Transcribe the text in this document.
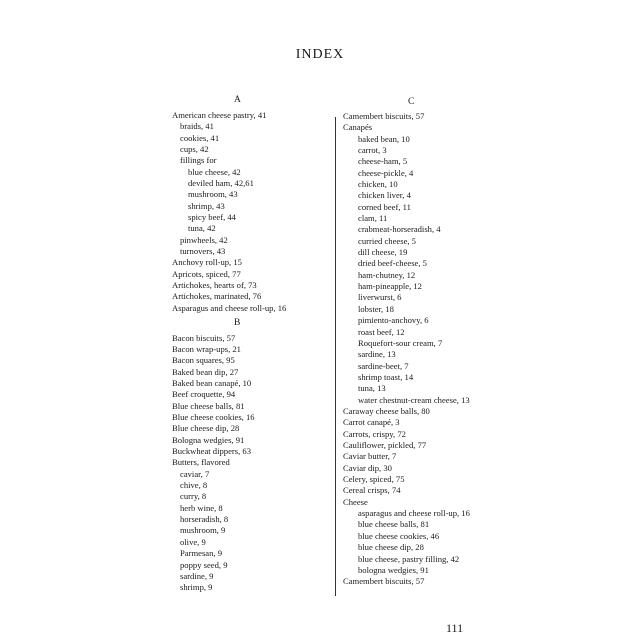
INDEX
A
American cheese pastry, 41
braids, 41
cookies, 41
cups, 42
fillings for
blue cheese, 42
deviled ham, 42,61
mushroom, 43
shrimp, 43
spicy beef, 44
tuna, 42
pinwheels, 42
turnovers, 43
Anchovy roll-up, 15
Apricots, spiced, 77
Artichokes, hearts of, 73
Artichokes, marinated, 76
Asparagus and cheese roll-up, 16
B
Bacon biscuits, 57
Bacon wrap-ups, 21
Bacon squares, 95
Baked bean dip, 27
Baked bean canapé, 10
Beef croquette, 94
Blue cheese balls, 81
Blue cheese cookies, 16
Blue cheese dip, 28
Bologna wedgies, 91
Buckwheat dippers, 63
Butters, flavored
caviar, 7
chive, 8
curry, 8
herb wine, 8
horseradish, 8
mushroom, 9
olive, 9
Parmesan, 9
poppy seed, 9
sardine, 9
shrimp, 9
C
Camembert biscuits, 57
Canapés
baked bean, 10
carrot, 3
cheese-ham, 5
cheese-pickle, 4
chicken, 10
chicken liver, 4
corned beef, 11
clam, 11
crabmeat-horseradish, 4
curried cheese, 5
dill cheese, 19
dried beef-cheese, 5
ham-chutney, 12
ham-pineapple, 12
liverwurst, 6
lobster, 18
pimiento-anchovy, 6
roast beef, 12
Roquefort-sour cream, 7
sardine, 13
sardine-beet, 7
shrimp toast, 14
tuna, 13
water chestnut-cream cheese, 13
Caraway cheese balls, 80
Carrot canapé, 3
Carrots, crispy, 72
Cauliflower, pickled, 77
Caviar butter, 7
Caviar dip, 30
Celery, spiced, 75
Cereal crisps, 74
Cheese
asparagus and cheese roll-up, 16
blue cheese balls, 81
blue cheese cookies, 46
blue cheese dip, 28
blue cheese, pastry filling, 42
bologna wedgies, 91
Camembert biscuits, 57
111
